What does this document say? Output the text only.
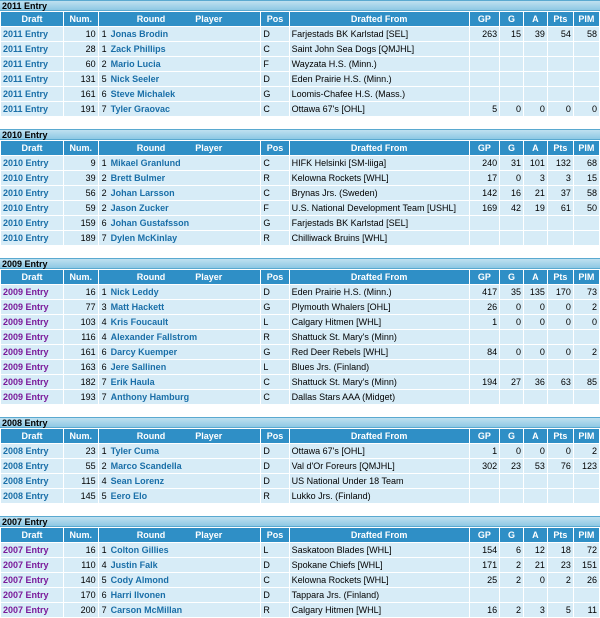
2011 Entry
Draft	Num.	Round            Player	Pos	Drafted From	GP	G	A	Pts	PIM
2011 Entry	10	1 Jonas Brodin	D	Farjestads BK Karlstad [SEL]	263	15	39	54	58
2011 Entry	28	1 Zack Phillips	C	Saint John Sea Dogs [QMJHL]					
2011 Entry	60	2 Mario Lucia	F	Wayzata H.S. (Minn.)					
2011 Entry	131	5 Nick Seeler	D	Eden Prairie H.S. (Minn.)					
2011 Entry	161	6 Steve Michalek	G	Loomis-Chafee H.S. (Mass.)					
2011 Entry	191	7 Tyler Graovac	C	Ottawa 67's [OHL]	5	0	0	0	0
2010 Entry
Draft	Num.	Round            Player	Pos	Drafted From	GP	G	A	Pts	PIM
2010 Entry	9	1 Mikael Granlund	C	HIFK Helsinki [SM-liiga]	240	31	101	132	68
2010 Entry	39	2 Brett Bulmer	R	Kelowna Rockets [WHL]	17	0	3	3	15
2010 Entry	56	2 Johan Larsson	C	Brynas Jrs. (Sweden)	142	16	21	37	58
2010 Entry	59	2 Jason Zucker	F	U.S. National Development Team [USHL]	169	42	19	61	50
2010 Entry	159	6 Johan Gustafsson	G	Farjestads BK Karlstad [SEL]					
2010 Entry	189	7 Dylen McKinlay	R	Chilliwack Bruins [WHL]					
2009 Entry
Draft	Num.	Round            Player	Pos	Drafted From	GP	G	A	Pts	PIM
2009 Entry	16	1 Nick Leddy	D	Eden Prairie H.S. (Minn.)	417	35	135	170	73
2009 Entry	77	3 Matt Hackett	G	Plymouth Whalers [OHL]	26	0	0	0	2
2009 Entry	103	4 Kris Foucault	L	Calgary Hitmen [WHL]	1	0	0	0	0
2009 Entry	116	4 Alexander Fallstrom	R	Shattuck St. Mary's (Minn)					
2009 Entry	161	6 Darcy Kuemper	G	Red Deer Rebels [WHL]	84	0	0	0	2
2009 Entry	163	6 Jere Sallinen	L	Blues Jrs. (Finland)					
2009 Entry	182	7 Erik Haula	C	Shattuck St. Mary's (Minn)	194	27	36	63	85
2009 Entry	193	7 Anthony Hamburg	C	Dallas Stars AAA (Midget)					
2008 Entry
Draft	Num.	Round            Player	Pos	Drafted From	GP	G	A	Pts	PIM
2008 Entry	23	1 Tyler Cuma	D	Ottawa 67's [OHL]	1	0	0	0	2
2008 Entry	55	2 Marco Scandella	D	Val d'Or Foreurs [QMJHL]	302	23	53	76	123
2008 Entry	115	4 Sean Lorenz	D	US National Under 18 Team					
2008 Entry	145	5 Eero Elo	R	Lukko Jrs. (Finland)					
2007 Entry
Draft	Num.	Round            Player	Pos	Drafted From	GP	G	A	Pts	PIM
2007 Entry	16	1 Colton Gillies	L	Saskatoon Blades [WHL]	154	6	12	18	72
2007 Entry	110	4 Justin Falk	D	Spokane Chiefs [WHL]	171	2	21	23	151
2007 Entry	140	5 Cody Almond	C	Kelowna Rockets [WHL]	25	2	0	2	26
2007 Entry	170	6 Harri Ilvonen	D	Tappara Jrs. (Finland)					
2007 Entry	200	7 Carson McMillan	R	Calgary Hitmen [WHL]	16	2	3	5	11
